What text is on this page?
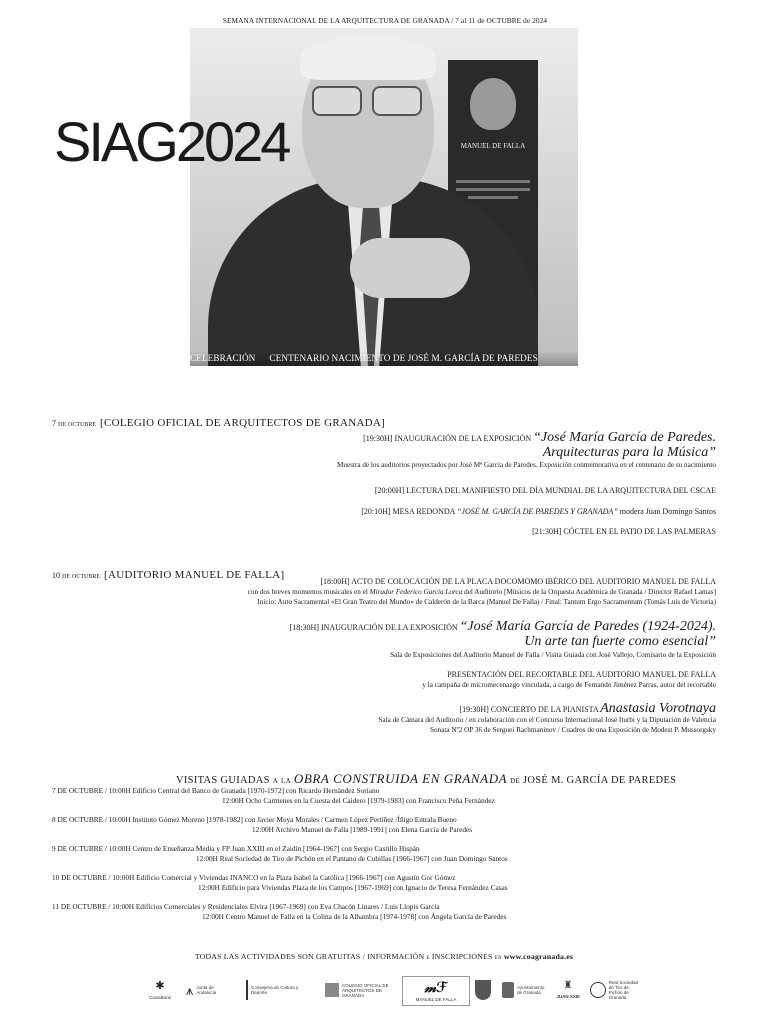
SEMANA INTERNACIONAL DE LA ARQUITECTURA DE GRANADA / 7 al 11 de OCTUBRE de 2024
MANUEL DE FALLA
SIAG2024
CELEBRACIÓN CENTENARIO NACIMIENTO DE JOSÉ M. GARCÍA DE PAREDES
7 de octubre [COLEGIO OFICIAL DE ARQUITECTOS DE GRANADA]
[19:30H] INAUGURACIÓN DE LA EXPOSICIÓN “José María García de Paredes.
Arquitecturas para la Música”
Muestra de los auditorios proyectados por José Mª García de Paredes. Exposición conmemorativa en el centenario de su nacimiento
[20:00H] LECTURA DEL MANIFIESTO DEL DÍA MUNDIAL DE LA ARQUITECTURA DEL CSCAE
[20:10H] MESA REDONDA “JOSÉ M. GARCÍA DE PAREDES Y GRANADA” modera Juan Domingo Santos
[21:30H] CÓCTEL EN EL PATIO DE LAS PALMERAS
10 de octubre [AUDITORIO MANUEL DE FALLA]
[18:00H] ACTO DE COLOCACIÓN DE LA PLACA DOCOMOMO IBÉRICO DEL AUDITORIO MANUEL DE FALLA
con dos breves momentos musicales en el Mirador Federico García Lorca del Auditorio [Músicos de la Orquesta Académica de Granada / Director Rafael Lamas]
Inicio: Auto Sacramental «El Gran Teatro del Mundo» de Calderón de la Barca (Manuel De Falla) / Final: Tantum Ergo Sacramentum (Tomás Luis de Victoria)
[18:30H] INAUGURACIÓN DE LA EXPOSICIÓN “José María García de Paredes (1924-2024).
Un arte tan fuerte como esencial”
Sala de Exposiciones del Auditorio Manuel de Falla / Visita Guiada con José Vallejo, Comisario de la Exposición
PRESENTACIÓN DEL RECORTABLE DEL AUDITORIO MANUEL DE FALLA
y la campaña de micromecenazgo vinculada, a cargo de Fernando Jiménez Parras, autor del recortable
[19:30H] CONCIERTO DE LA PIANISTA Anastasia Vorotnaya
Sala de Cámara del Auditorio / en colaboración con el Concurso Internacional José Iturbi y la Diputación de Valencia
Sonata Nº2 OP 36 de Serguei Rachmaninov / Cuadros de una Exposición de Modest P. Mussorgsky
VISITAS GUIADAS a la OBRA CONSTRUIDA EN GRANADA de JOSÉ M. GARCÍA DE PAREDES
7 DE OCTUBRE / 10:00H Edificio Central del Banco de Granada [1970-1972] con Ricardo Hernández Soriano
12:00H Ocho Carmenes en la Cuesta del Caidero [1979-1983] con Francisco Peña Fernández
8 DE OCTUBRE / 10:00H Instituto Gómez Moreno [1978-1982] con Javier Moya Morales / Carmen López Pertíñez /Íñigo Entrala Bueno
12:00H Archivo Manuel de Falla [1989-1991] con Elena García de Paredes
9 DE OCTUBRE / 10:00H Centro de Enseñanza Media y FP Juan XXIII en el Zaidín [1964-1967] con Sergio Castillo Hispán
12:00H Real Sociedad de Tiro de Pichón en el Pantano de Cubillas [1966-1967] con Juan Domingo Santos
10 DE OCTUBRE / 10:00H Edificio Comercial y Viviendas INANCO en la Plaza Isabel la Católica [1966-1967] con Agustín Gor Gómez
12:00H Edificio para Viviendas Plaza de los Campos [1967-1969] con Ignacio de Teresa Fernández Casas
11 DE OCTUBRE / 10:00H Edificios Comerciales y Residenciales Elvira [1967-1969] con Eva Chacón Linares / Luis Llopis García
12:00H Centro Manuel de Falla en la Colina de la Alhambra [1974-1978] con Ángela García de Paredes
TODAS LAS ACTIVIDADES SON GRATUITAS / INFORMACIÓN e INSCRIPCIONES en www.coagranada.es
✱
CaixaBank ⩚ Junta de Andalucía
Consejería de Cultura y Deporte
COLEGIO OFICIAL DE ARQUITECTOS DE GRANADA	𝓂ℱ
MANUEL DE FALLA
Ayuntamiento de Granada
♜
JUAN XXIII
Real Sociedad de Tiro de Pichón de Granada
